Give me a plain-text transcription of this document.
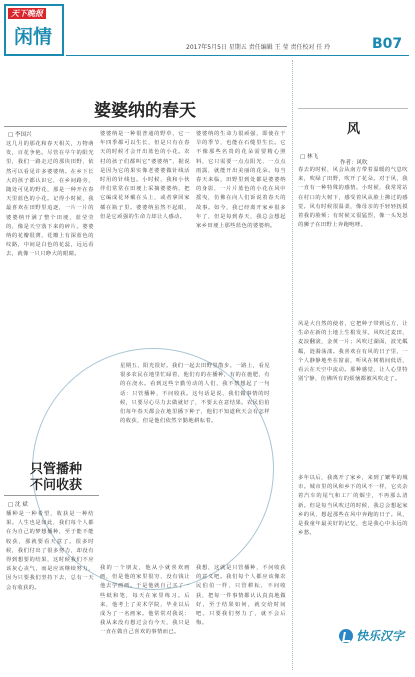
天下晚报
闲情	2017年5月5日 星期五 责任编辑 王 莹 责任校对 任 玲	B07
婆婆纳的春天
□ 李国兴
这几月的那花和春天相关，万物萌发，百花争艳。尽管在早午的阳光里，我们一路走过的那块田野，依然可以看见许多婆婆纳。在乡下长大的孩子都认识它，在乡间路旁，随处可见的野花，那是一种开在春天里蓝色的小花。记得小时候，我最喜欢在田野里追逐，一片一片的婆婆纳开满了整个田埂，蓝莹莹的，像是天空落下来的碎片。婆婆纳的花瓣很薄，花瓣上有深蓝色的纹路，中间是白色的花蕊，远远看去，就像一只只睁大的眼睛。
婆婆纳是一种很普通的野草，它一年四季都可以生长，但是只有在春天的时候才会开出蓝色的小花。农村的孩子们都叫它“婆婆纳”，据说是因为它的果实像老婆婆做针线活时用的针线包。小时候，我和小伙伴们常常在田埂上采摘婆婆纳，把它编成花环戴在头上，或者拿回家插在瓶子里。婆婆纳虽然不起眼，但是它顽强的生命力却让人感动。
婆婆纳的生命力很顽强，即使在干旱的季节，也能在石缝里生长。它不像那些名贵的花朵需要精心照料，它只需要一点点阳光、一点点雨露，就能开出美丽的花朵。每当春天来临，田野里到处都是婆婆纳的身影，一片片蓝色的小花在风中摇曳，仿佛在向人们诉说着春天的故事。如今，我已经离开家乡很多年了，但是每到春天，我总会想起家乡田埂上那些蓝色的婆婆纳。
风
□ 林飞
作者：风吹
春去的时候，风会从南方带着温暖的气息吹来，吹绿了田野，吹开了花朵。对于风，我一直有一种特殊的感情。小时候，我常常站在村口的大树下，感受着风从脸上拂过的感觉。风有时候很温柔，像母亲的手轻轻抚摸着我的脸颊；有时候又很猛烈，像一头发怒的狮子在田野上奔跑咆哮。
风是大自然的使者，它把种子带到远方，让生命在新的土地上生根发芽。风吹过麦田，麦浪翻滚，金黄一片；风吹过湖面，波光粼粼，涟漪荡漾。我喜欢在有风的日子里，一个人静静地坐在窗前，听风在树梢间低语，看云在天空中流动。那种感觉，让人心里特别宁静，仿佛所有的烦恼都被风吹走了。
多年以后，我离开了家乡，来到了繁华的城市。城市里的风和乡下的风不一样，它夹杂着汽车的尾气和工厂的烟尘，不再那么清新。但是每当风吹过的时候，我总会想起家乡的风，想起那些在风中奔跑的日子。风，是我童年最美好的记忆，也是我心中永远的乡愁。
星期五，阳光很好。我们一起去田野里散步。一路上，看见很多农民在地里忙碌着，他们有的在播种，有的在施肥，有的在浇水。看到这些辛勤劳动的人们，我不禁想起了一句话：只管播种，不问收获。这句话是说，我们做事情的时候，只要尽心尽力去做就好了，不要太在意结果。农民伯伯们每年春天都会在地里播下种子，他们不知道秋天会有怎样的收获，但是他们依然辛勤地耕耘着。
只管播种
不问收获
□ 沈 斌
播种是一种希望，收获是一种结果。人生也是如此，我们每个人都在为自己的梦想播种，至于能不能收获，那就要看天意了。很多时候，我们付出了很多努力，却没有得到想要的结果，这时候我们不应该灰心丧气，而是应该继续努力，因为只要我们坚持下去，总有一天会有收获的。
我的一个朋友，他从小就喜欢画画，但是他的家里很穷，没有钱让他去学画画。于是他就自己买了一些纸和笔，每天在家里练习。后来，他考上了美术学院，毕业以后成为了一名画家。他常常对我说：我从来没有想过会有今天，我只是一直在做自己喜欢的事情而已。
我想，这就是只管播种，不问收获的意义吧。我们每个人都应该像农民伯伯一样，只管耕耘，不问收获，把每一件事情都认认真真地做好，至于结果如何，就交给时间吧。只要我们努力了，就不会后悔。
快乐汉字
